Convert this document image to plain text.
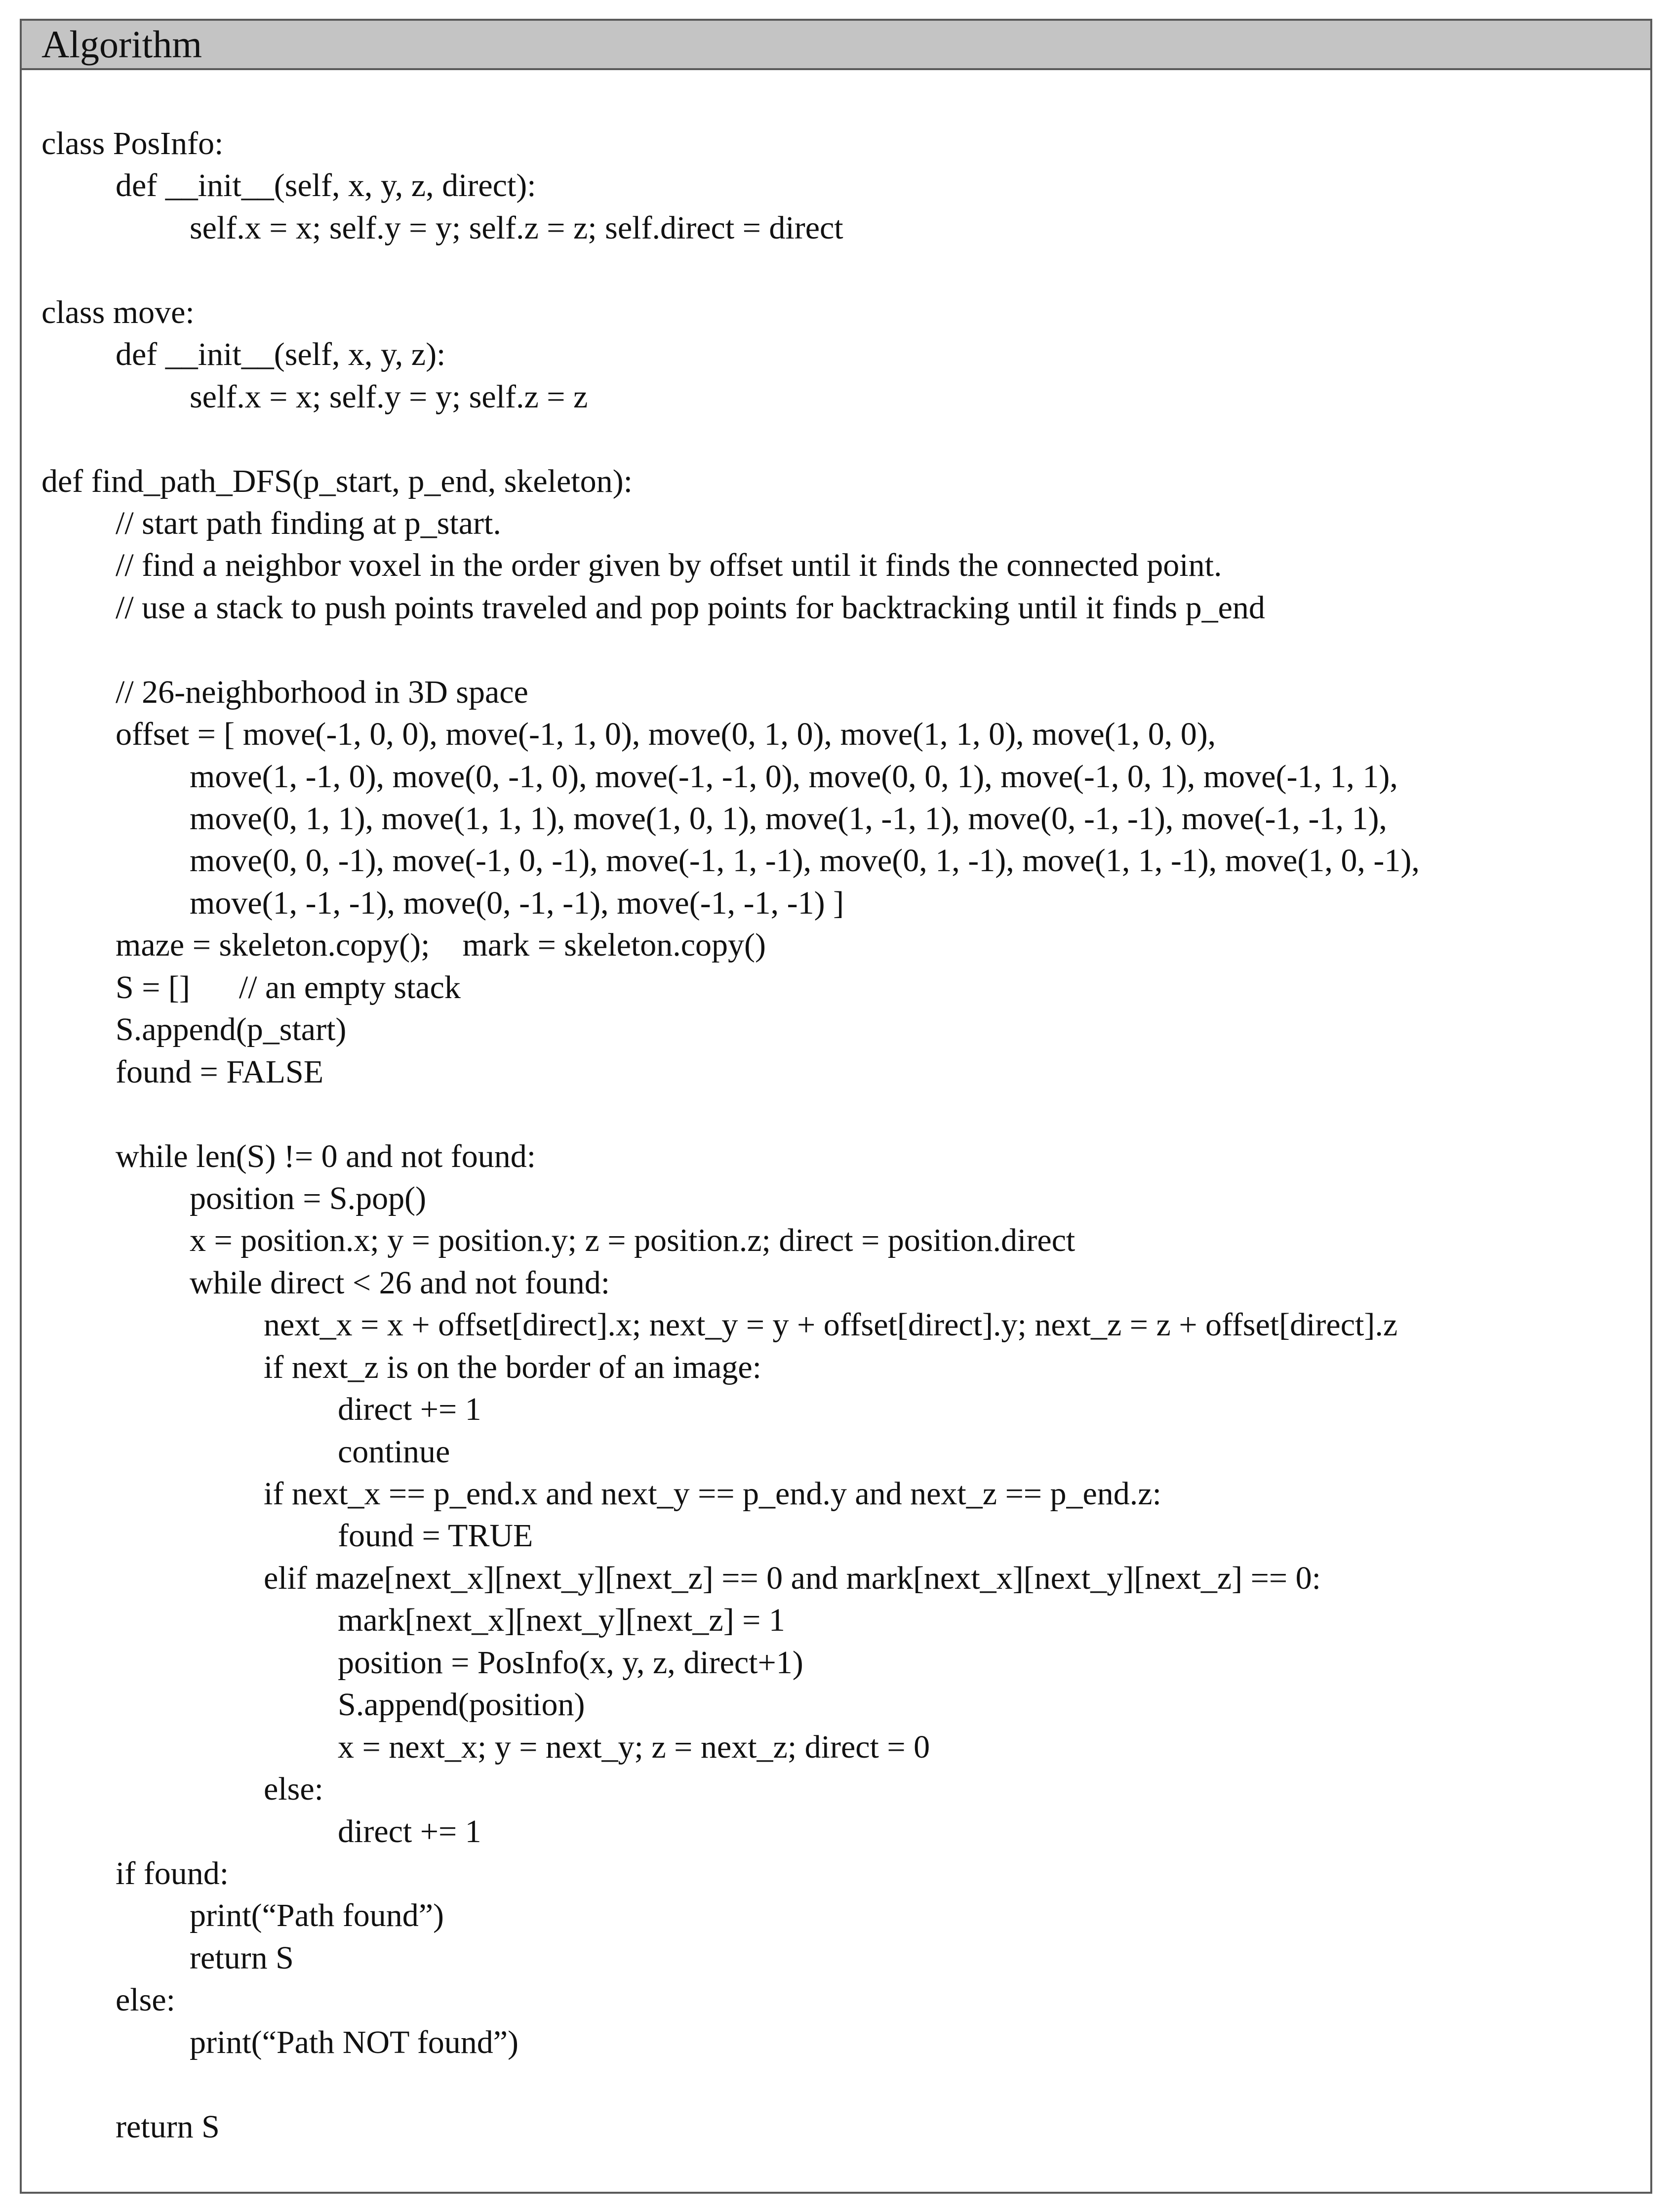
Algorithm
class PosInfo:
def __init__(self, x, y, z, direct):
self.x = x; self.y = y; self.z = z; self.direct = direct
class move:
def __init__(self, x, y, z):
self.x = x; self.y = y; self.z = z
def find_path_DFS(p_start, p_end, skeleton):
// start path finding at p_start.
// find a neighbor voxel in the order given by offset until it finds the connected point.
// use a stack to push points traveled and pop points for backtracking until it finds p_end
// 26-neighborhood in 3D space
offset = [ move(-1, 0, 0), move(-1, 1, 0), move(0, 1, 0), move(1, 1, 0), move(1, 0, 0),
move(1, -1, 0), move(0, -1, 0), move(-1, -1, 0), move(0, 0, 1), move(-1, 0, 1), move(-1, 1, 1),
move(0, 1, 1), move(1, 1, 1), move(1, 0, 1), move(1, -1, 1), move(0, -1, -1), move(-1, -1, 1),
move(0, 0, -1), move(-1, 0, -1), move(-1, 1, -1), move(0, 1, -1), move(1, 1, -1), move(1, 0, -1),
move(1, -1, -1), move(0, -1, -1), move(-1, -1, -1) ]
maze = skeleton.copy();    mark = skeleton.copy()
S = []      // an empty stack
S.append(p_start)
found = FALSE
while len(S) != 0 and not found:
position = S.pop()
x = position.x; y = position.y; z = position.z; direct = position.direct
while direct < 26 and not found:
next_x = x + offset[direct].x; next_y = y + offset[direct].y; next_z = z + offset[direct].z
if next_z is on the border of an image:
direct += 1
continue
if next_x == p_end.x and next_y == p_end.y and next_z == p_end.z:
found = TRUE
elif maze[next_x][next_y][next_z] == 0 and mark[next_x][next_y][next_z] == 0:
mark[next_x][next_y][next_z] = 1
position = PosInfo(x, y, z, direct+1)
S.append(position)
x = next_x; y = next_y; z = next_z; direct = 0
else:
direct += 1
if found:
print(“Path found”)
return S
else:
print(“Path NOT found”)
return S
